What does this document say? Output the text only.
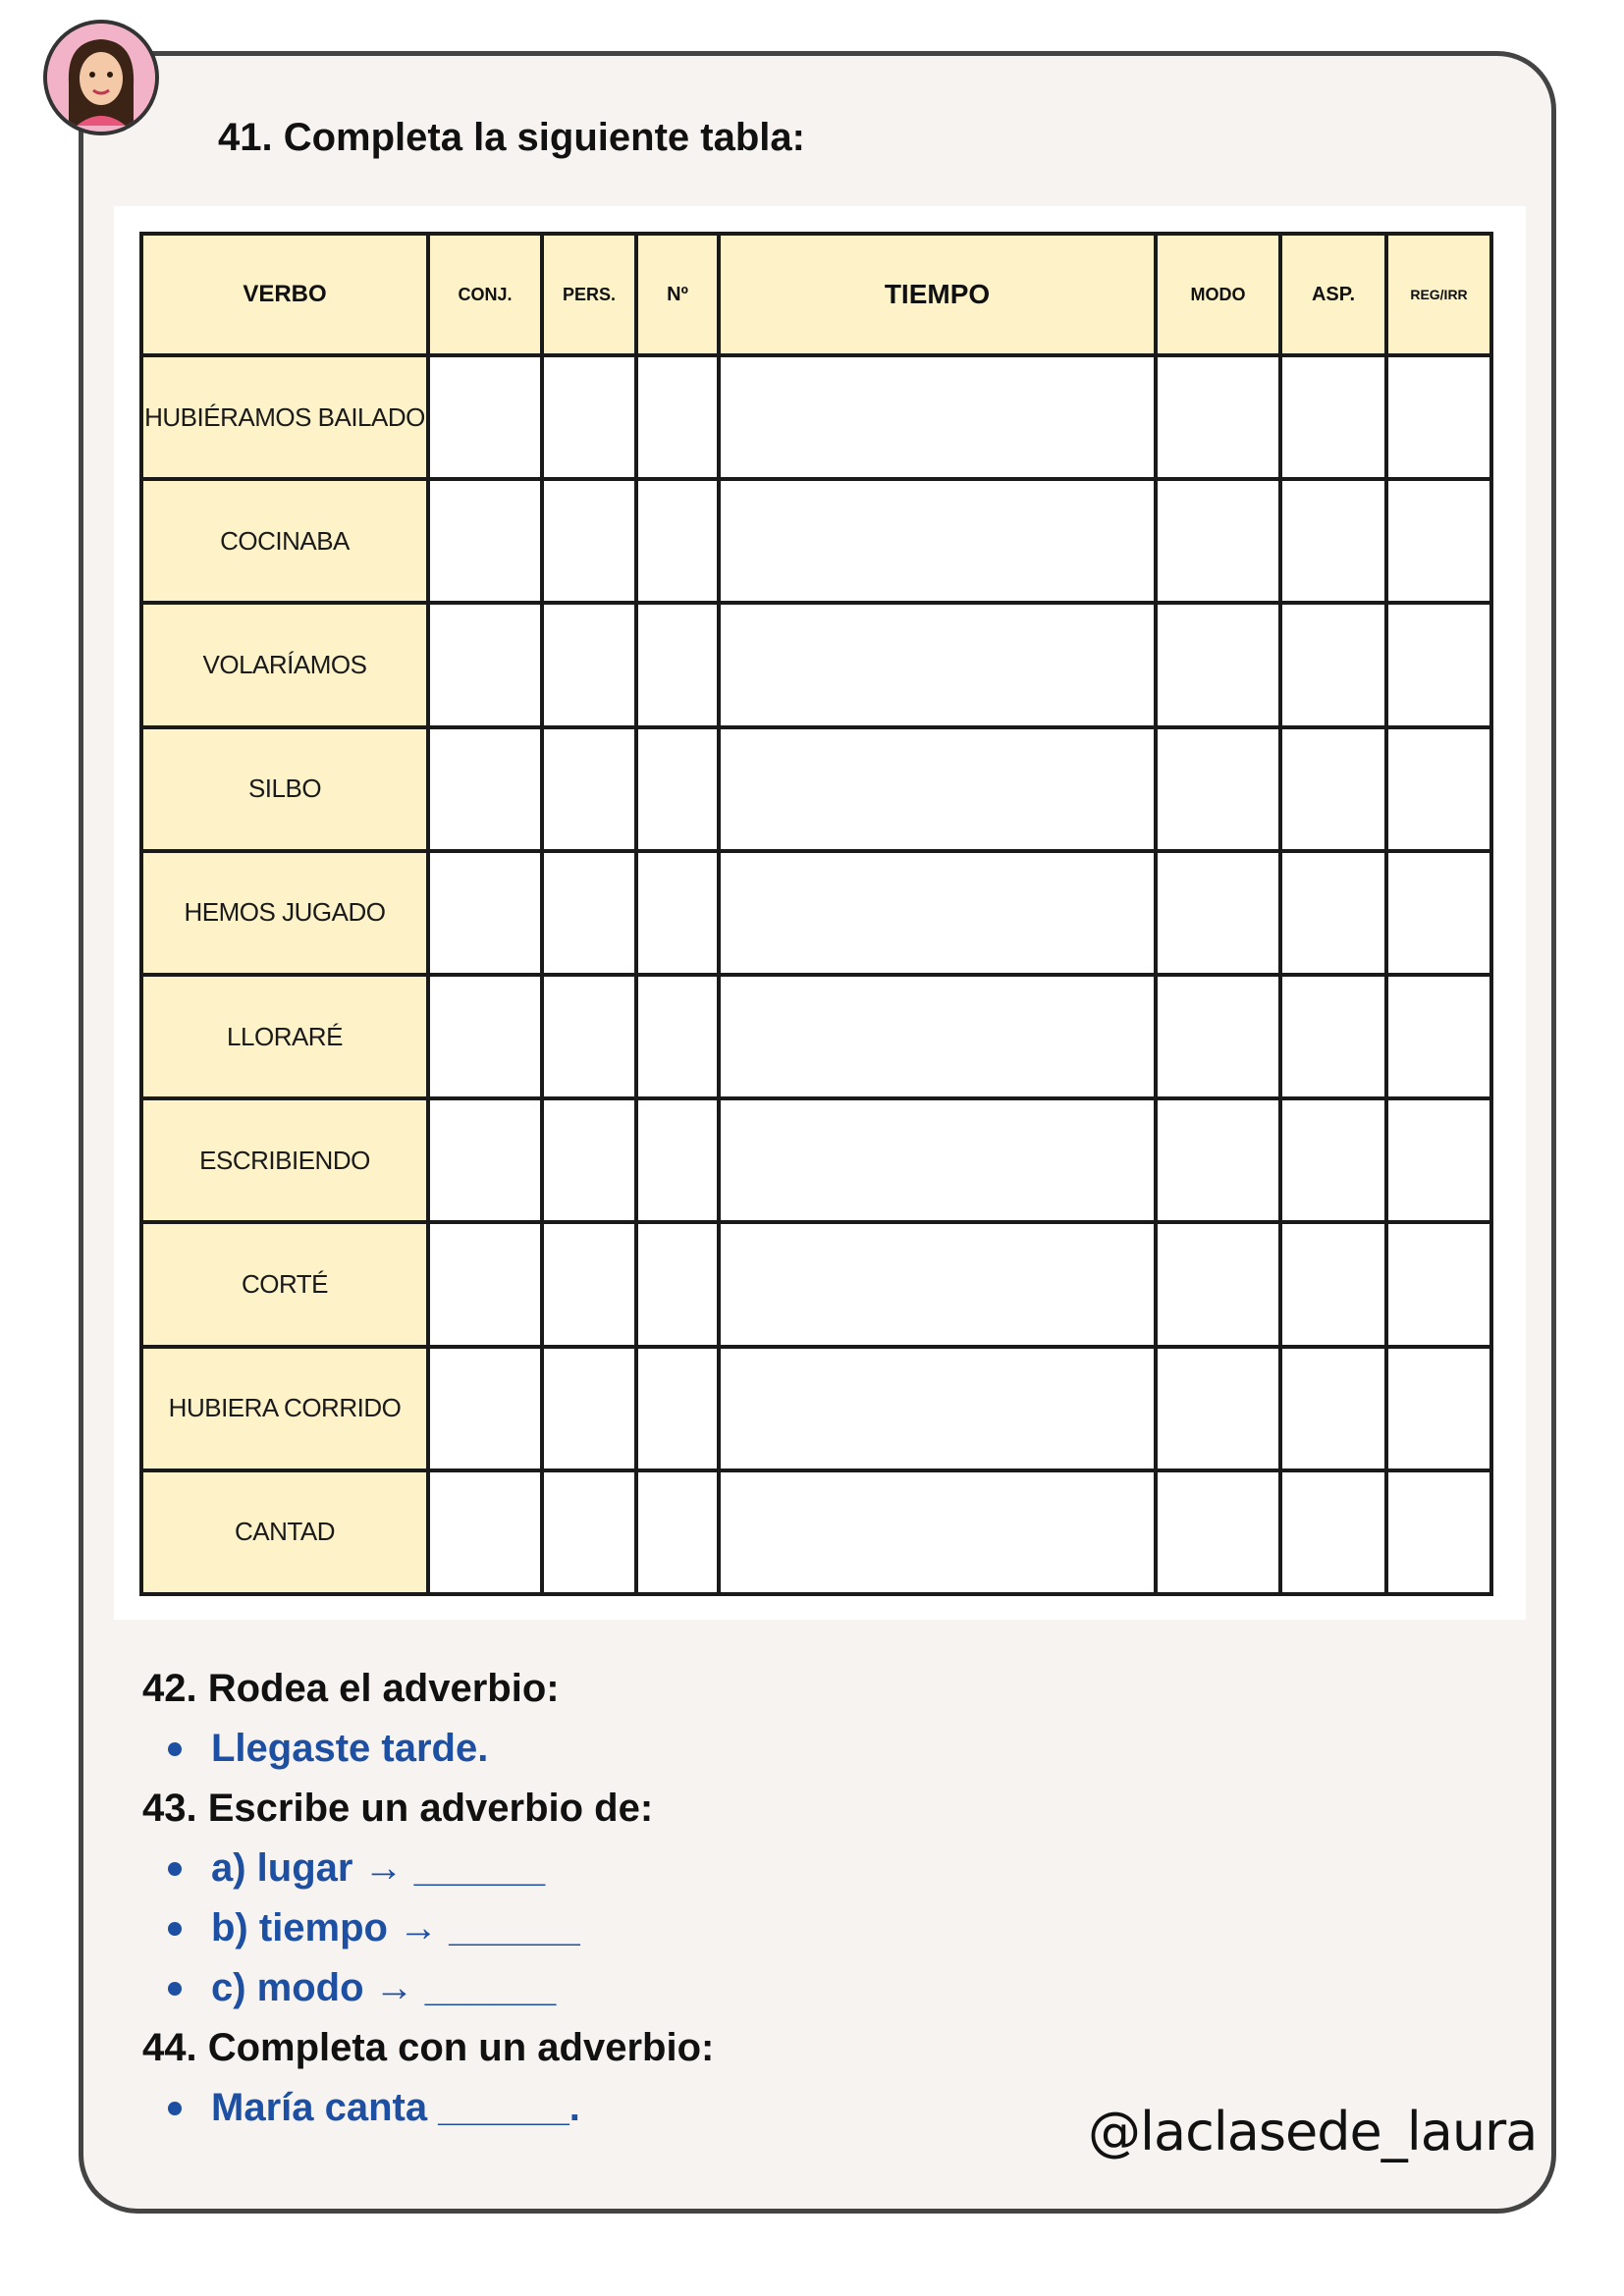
41. Completa la siguiente tabla:
VERBO	CONJ.	PERS.	Nº	TIEMPO	MODO	ASP.	REG/IRR
HUBIÉRAMOS BAILADO							
COCINABA							
VOLARÍAMOS							
SILBO							
HEMOS JUGADO							
LLORARÉ							
ESCRIBIENDO							
CORTÉ							
HUBIERA CORRIDO							
CANTAD							

42. Rodea el adverbio:

Llegaste tarde.

43. Escribe un adverbio de:

a) lugar → ______
b) tiempo → ______
c) modo → ______

44. Completa con un adverbio:

María canta ______.	@laclasede_laura
